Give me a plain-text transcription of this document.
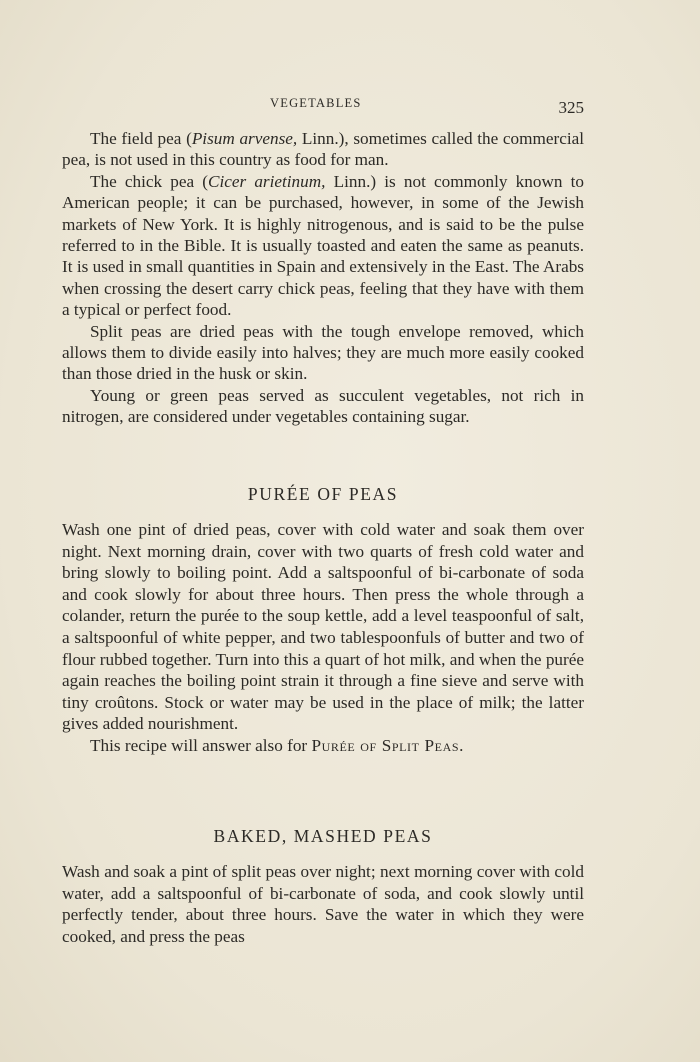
VEGETABLES	325

The field pea (Pisum arvense, Linn.), sometimes called the commercial pea, is not used in this country as food for man.

The chick pea (Cicer arietinum, Linn.) is not commonly known to American people; it can be purchased, however, in some of the Jewish markets of New York. It is highly nitrogenous, and is said to be the pulse referred to in the Bible. It is usually toasted and eaten the same as peanuts. It is used in small quantities in Spain and extensively in the East. The Arabs when crossing the desert carry chick peas, feeling that they have with them a typical or perfect food.

Split peas are dried peas with the tough envelope removed, which allows them to divide easily into halves; they are much more easily cooked than those dried in the husk or skin.

Young or green peas served as succulent vegetables, not rich in nitrogen, are considered under vegetables containing sugar.

PURÉE OF PEAS

Wash one pint of dried peas, cover with cold water and soak them over night. Next morning drain, cover with two quarts of fresh cold water and bring slowly to boiling point. Add a saltspoonful of bi-carbonate of soda and cook slowly for about three hours. Then press the whole through a colander, return the purée to the soup kettle, add a level teaspoonful of salt, a saltspoonful of white pepper, and two tablespoonfuls of butter and two of flour rubbed together. Turn into this a quart of hot milk, and when the purée again reaches the boiling point strain it through a fine sieve and serve with tiny croûtons. Stock or water may be used in the place of milk; the latter gives added nourishment.

This recipe will answer also for Purée of Split Peas.

BAKED, MASHED PEAS

Wash and soak a pint of split peas over night; next morning cover with cold water, add a saltspoonful of bi-carbonate of soda, and cook slowly until perfectly tender, about three hours. Save the water in which they were cooked, and press the peas
